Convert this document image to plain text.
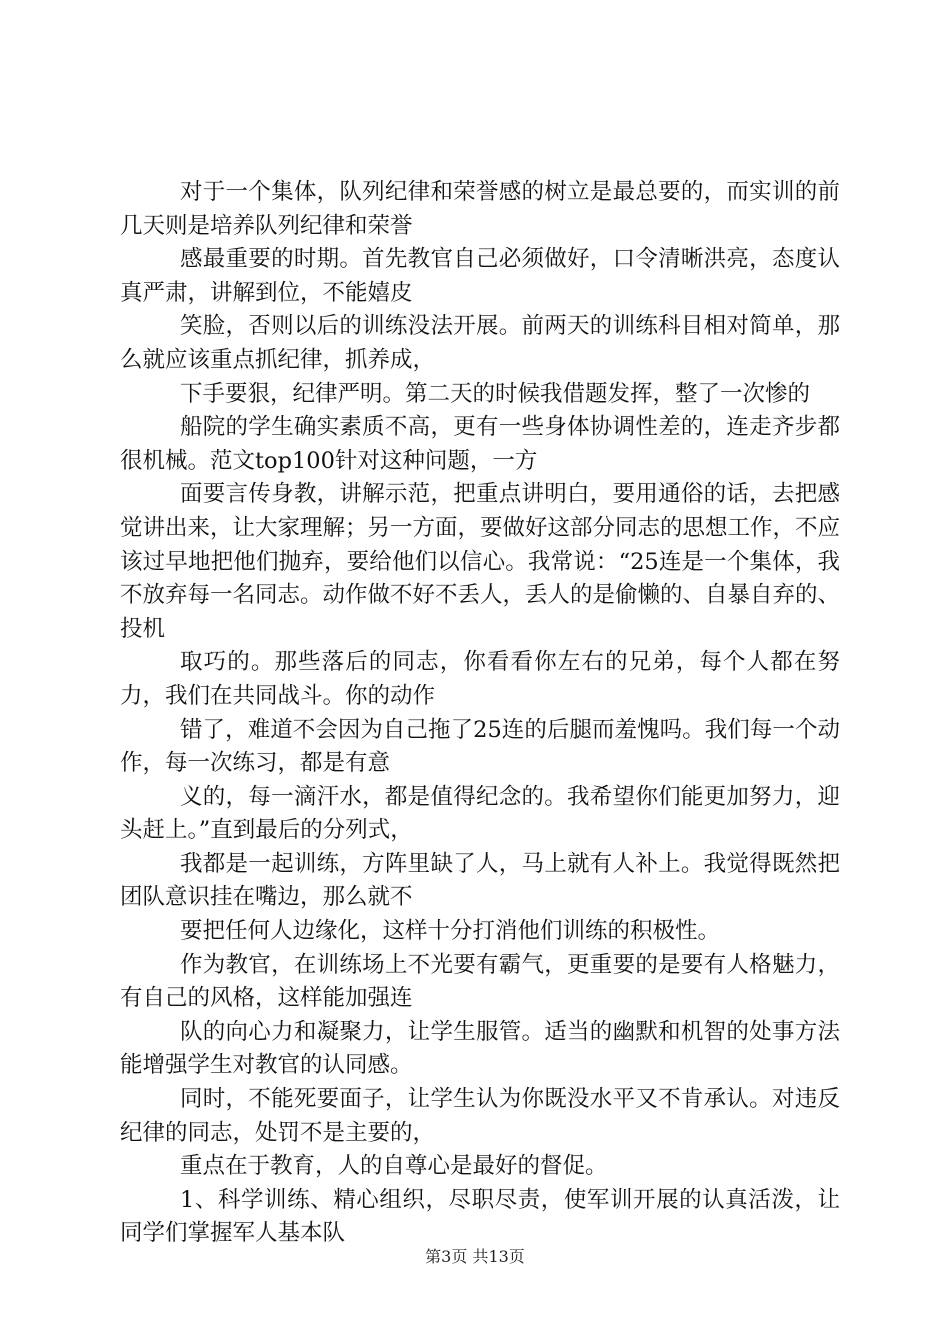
对于一个集体，队列纪律和荣誉感的树立是最总要的，而实训的前几天则是培养队列纪律和荣誉

感最重要的时期。首先教官自己必须做好，口令清晰洪亮，态度认真严肃，讲解到位，不能嬉皮

笑脸，否则以后的训练没法开展。前两天的训练科目相对简单，那么就应该重点抓纪律，抓养成，

下手要狠，纪律严明。第二天的时候我借题发挥，整了一次惨的

船院的学生确实素质不高，更有一些身体协调性差的，连走齐步都很机械。范文top100针对这种问题，一方

面要言传身教，讲解示范，把重点讲明白，要用通俗的话，去把感觉讲出来，让大家理解；另一方面，要做好这部分同志的思想工作，不应该过早地把他们抛弃，要给他们以信心。我常说：“25连是一个集体，我不放弃每一名同志。动作做不好不丢人，丢人的是偷懒的、自暴自弃的、投机

取巧的。那些落后的同志，你看看你左右的兄弟，每个人都在努力，我们在共同战斗。你的动作

错了，难道不会因为自己拖了25连的后腿而羞愧吗。我们每一个动作，每一次练习，都是有意

义的，每一滴汗水，都是值得纪念的。我希望你们能更加努力，迎头赶上。”直到最后的分列式，

我都是一起训练，方阵里缺了人，马上就有人补上。我觉得既然把团队意识挂在嘴边，那么就不

要把任何人边缘化，这样十分打消他们训练的积极性。

作为教官，在训练场上不光要有霸气，更重要的是要有人格魅力，有自己的风格，这样能加强连

队的向心力和凝聚力，让学生服管。适当的幽默和机智的处事方法能增强学生对教官的认同感。

同时，不能死要面子，让学生认为你既没水平又不肯承认。对违反纪律的同志，处罚不是主要的，

重点在于教育，人的自尊心是最好的督促。

1、科学训练、精心组织，尽职尽责，使军训开展的认真活泼，让同学们掌握军人基本队

第3页 共13页
